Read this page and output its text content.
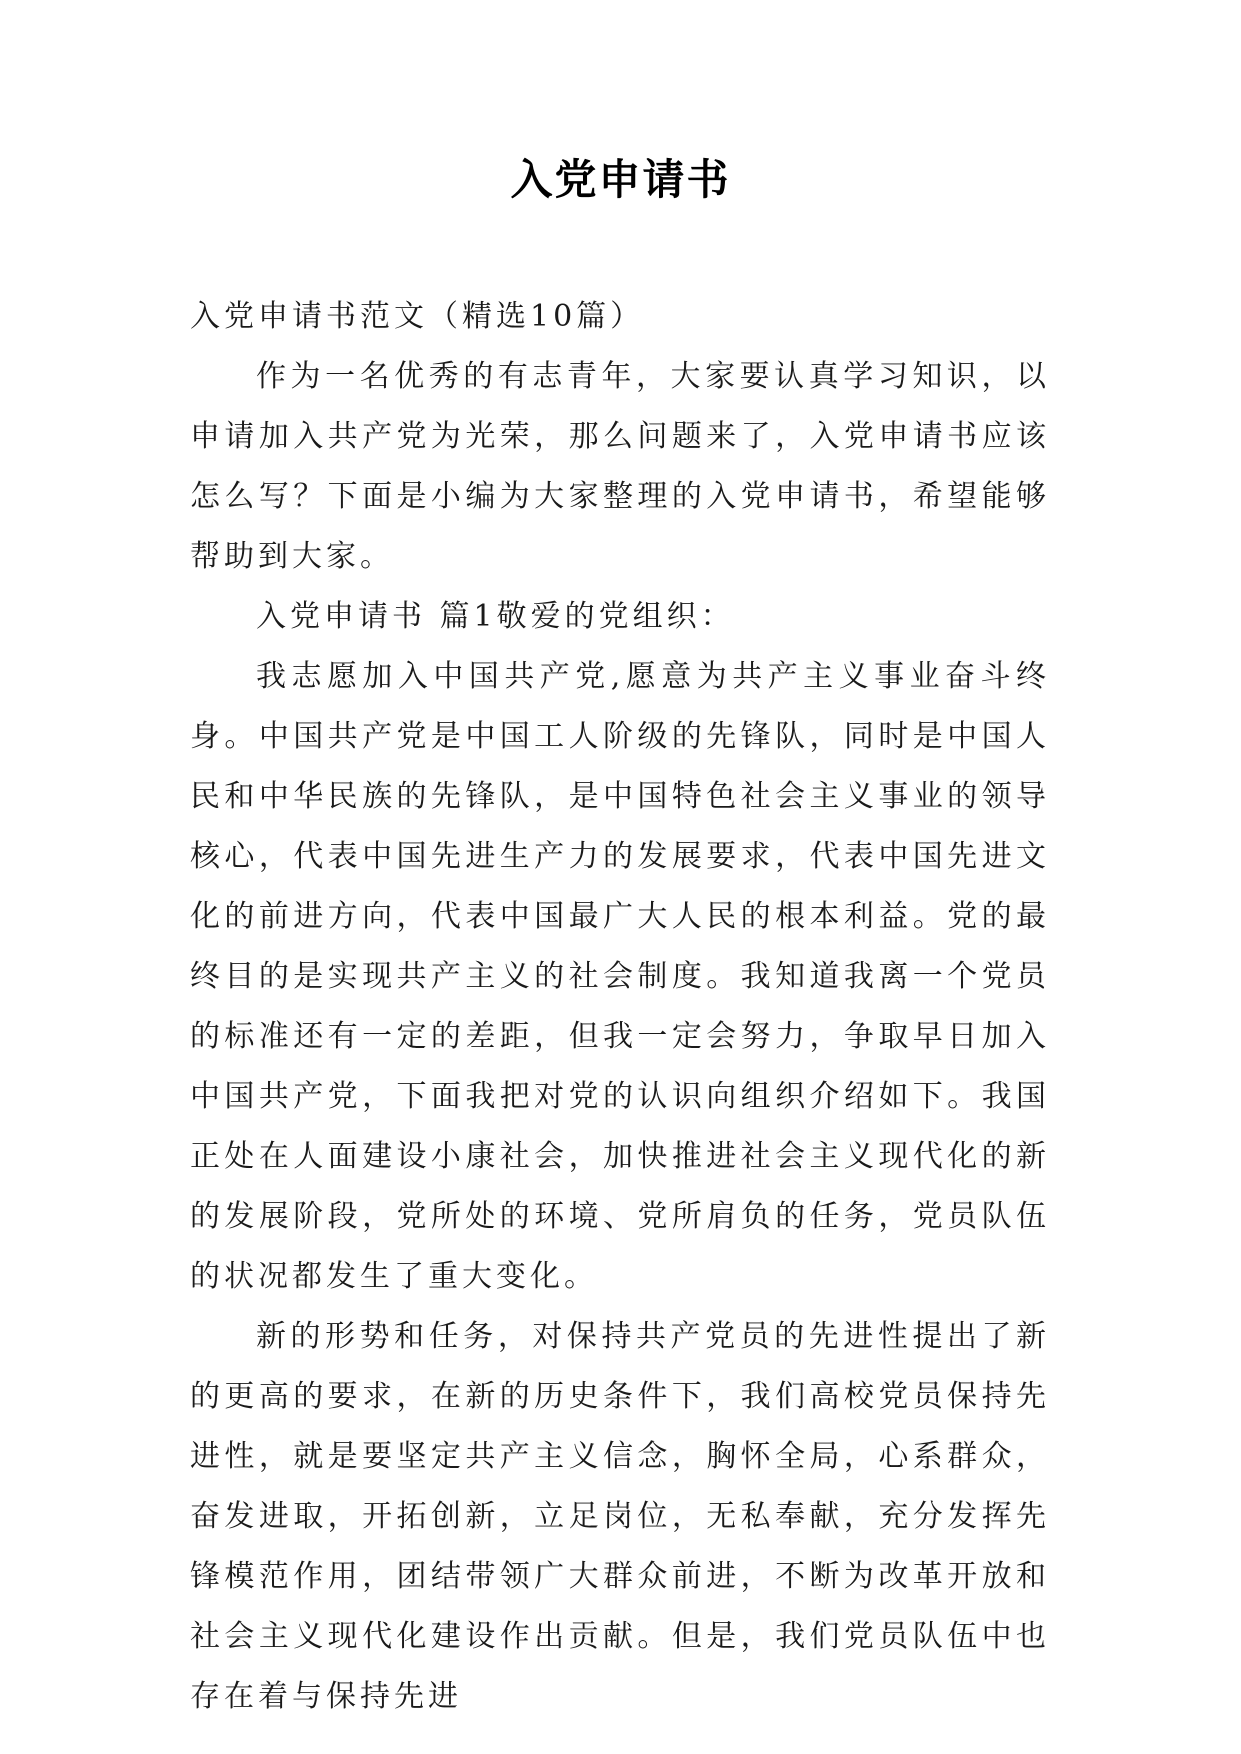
入党申请书

入党申请书范文（精选10篇）

作为一名优秀的有志青年，大家要认真学习知识，以申请加入共产党为光荣，那么问题来了，入党申请书应该怎么写？下面是小编为大家整理的入党申请书，希望能够帮助到大家。

入党申请书 篇1敬爱的党组织：

我志愿加入中国共产党,愿意为共产主义事业奋斗终身。中国共产党是中国工人阶级的先锋队，同时是中国人民和中华民族的先锋队，是中国特色社会主义事业的领导核心，代表中国先进生产力的发展要求，代表中国先进文化的前进方向，代表中国最广大人民的根本利益。党的最终目的是实现共产主义的社会制度。我知道我离一个党员的标准还有一定的差距，但我一定会努力，争取早日加入中国共产党，下面我把对党的认识向组织介绍如下。我国正处在人面建设小康社会，加快推进社会主义现代化的新的发展阶段，党所处的环境、党所肩负的任务，党员队伍的状况都发生了重大变化。

新的形势和任务，对保持共产党员的先进性提出了新的更高的要求，在新的历史条件下，我们高校党员保持先进性，就是要坚定共产主义信念，胸怀全局，心系群众，奋发进取，开拓创新，立足岗位，无私奉献，充分发挥先锋模范作用，团结带领广大群众前进，不断为改革开放和社会主义现代化建设作出贡献。但是，我们党员队伍中也存在着与保持先进
